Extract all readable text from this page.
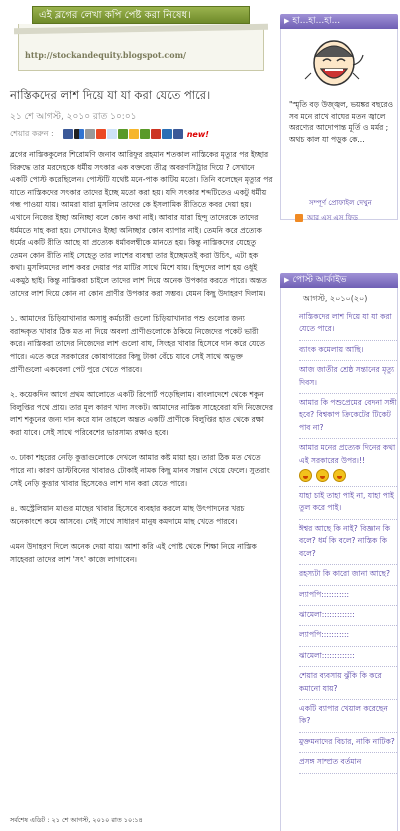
এই ব্লগের লেখা কপি পেষ্ট করা নিষেধ।
http://stockandequity.blogspot.com/
নাস্তিকদের লাশ দিয়ে যা যা করা যেতে পারে।
২১ শে আগস্ট, ২০১০ রাত ১০:০১
শেয়ার করুন :	new!

ব্লগের নাস্তিককুলের শিরোমণি জনাব আরিফুর রহমান শতকাল নাস্তিকের মৃত্যুর পর ইচ্ছার বিরুদ্ধে তার মরদেহকে ধর্মীয় সৎকার এক বক্তব্যে তীব্র অবরণসিট্রার দিয়ে ? সেখানে একটি পোস্ট করেছিলেন। পোস্টটি যথেষ্ট মনে-পাক কাটিয় মতো। তিনি বলেছেন মৃত্যুর পর যাতে নাস্তিকদের সৎকার তাদের ইচ্ছে মতো করা হয়। যদি সৎকার শব্দটিতেও একটু ধর্মীয় গন্ধ পাওয়া যায়। আমরা যারা মুসলিম তাদের কে ইসলামিক রীতিতে কবর দেয়া হয়। এখানে নিজের ইচ্ছা অনিচ্ছা বলে কোন কথা নাই। আবার যারা হিন্দু তাদেরকে তাদের ধর্মমতে দাহ করা হয়। সেখানেও ইচ্ছা অনিচ্ছার কোন ব্যাপার নাই। তেমনি করে প্রত্যেক ধর্মের একটি রীতি আছে যা প্রত্যেক ধর্মাবলম্বীকে মানতে হয়। কিন্তু নাস্তিকদের যেহেতু তেমন কোন রীতি নাই সেহেতু তার লাশের ব্যবস্থা তার ইচ্ছেমতই করা উচিৎ, এটা হক কথা। মুসলিমদের লাশ কবর দেয়ার পর মাটির সাথে মিশে যায়। হিন্দুদের লাশ হয় ওধুই একমুঠ ছাই। কিন্তু নাস্তিকরা চাইলে তাদের লাশ দিয়ে অনেক উপকার করতে পারে। অন্তত তাদের লাশ দিয়ে কোন না কোন প্রাণীর উপকার করা সম্ভব। যেমন কিছু উদাহরণ দিলাম।

১. আমাদের চিড়িয়াখানার অসাধু কর্মচারী গুলো চিড়িয়াখানার পশু গুলোর জন্য বরাদ্দকৃত খাবার ঠিক মত না দিয়ে অবলা প্রাণীগুলোকে ঠকিয়ে নিজেদের পকেট ভারী করে। নাস্তিকরা তাদের নিজেদের লাশ গুলো বাঘ, সিংহর খাবার হিসেবে দান করে যেতে পারে। এতে করে সরকারের কোষাগারের কিছু টাকা বেঁচে যাবে সেই সাথে অভুক্ত প্রাণীগুলো একবেলা পেট পুরে খেতে পারবে।

২. কয়েকদিন আগে প্রথম আলোতে একটি রিপোর্ট পড়েছিলাম। বাংলাদেশে থেকে শকুন বিলুপ্তির পথে প্রায়। তার মূল কারণ খাদ্য সংকট। আমাদের নাস্তিক সাহেবেরা যদি নিজেদের লাশ শকুনের জন্য দান করে যান তাহলে অন্তত একটি প্রাণীকে বিলুপ্তির হাত থেকে রক্ষা করা যাবে। সেই সাথে পরিবেশের ভারসাম্য রক্ষাও হবে।

৩. ঢাকা শহরের নেড়ি কুত্তাগুলোকে দেখলে আমার কষ্ট মায়া হয়। তারা ঠিক মত খেতে পারে না। কারণ ডাস্টবিনের খাবারও টোকাই নামক কিছু মানব সন্তান খেয়ে ফেলে। সুতরাং সেই নেড়ি কুত্তার খাবার হিসেবেও লাশ দান করা যেতে পারে।

৪. অস্ট্রেলিয়ান মাগুর মাছের খাবার হিসেবে ব্যবহার করলে মাছ উৎপাদনের খরচ অনেকাংশে কমে আসবে। সেই সাথে সাধারণ মানুষ কমদামে মাছ খেতে পারবে।

এমন উদাহরণ দিলে অনেক দেয়া যায়। আশা করি এই পোষ্ট থেকে শিক্ষা নিয়ে নাস্তিক সাহেবরা তাদের লাশ 'সৎ' কাজে লাগাবেন।

সর্বশেষ এডিট : ২১ শে আগস্ট, ২০১০ রাত ১০:১৪
▶ হা...হা...হা...
"স্মৃতি বড় উজ্জ্বল, ভয়ঙ্কর বছরেও সব মনে রাখে বাঘের মতন জ্বালে অরণ্যের আদোপান্ত মূর্তি ও মর্মর ; অথচ কাল যা পড়ুক কে...
সম্পূর্ণ প্রোফাইল দেখুন
আর এস এস ফিড
▶ পোস্ট আর্কাইভ
আগস্ট, ২০১০(২০)
নাস্তিকদের লাশ দিয়ে যা যা করা যেতে পারে।
ব্যাংক কমেলায় আছি।
আজ জাতীর শ্রেষ্ঠ সন্তানের মৃত্যু দিবস।
আমার কি পশুপ্রেমের বেদনা সঙ্গী হবে? বিশ্বকাপ ক্রিকেটের টিকেট পাব না?
আমার মনের প্রত্যেক দিনের কথা এই সরকারের উপর।!!
যাহা চাই তাহা পাই না, যাহা পাই তুল করে পাই।
ঈশ্বর আছে কি নাই? বিজ্ঞান কি বলে? ধর্ম কি বলে? নাস্তিক কি বলে?
রহস্যটা কি কারো জানা আছে?
ল্যাপপি:::::::::::
ঝামেলা:::::::::::::
ল্যাপপি:::::::::::
ঝামেলা:::::::::::::
শেয়ার ব্যবসায় ঝুঁকি কি করে কমানো যায়?
একটি ব্যাপার খেয়াল করেছেন কি?
মুক্তমনাদের বিচার, নাকি নাটিক?
প্রসঙ্গ সাম্প্রত বর্তমান
